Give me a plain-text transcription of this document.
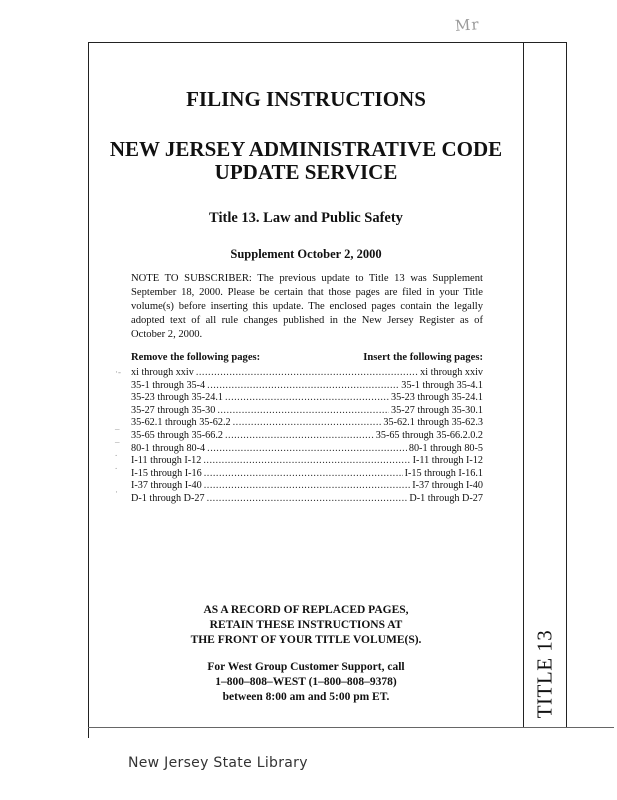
Mr
TITLE 13
FILING INSTRUCTIONS
NEW JERSEY ADMINISTRATIVE CODE
UPDATE SERVICE
Title 13. Law and Public Safety
Supplement October 2, 2000
NOTE TO SUBSCRIBER: The previous update to Title 13 was Supplement September 18, 2000. Please be certain that those pages are filed in your Title volume(s) before inserting this update. The enclosed pages contain the legally adopted text of all rule changes published in the New Jersey Register as of October 2, 2000.
Remove the following pages:	Insert the following pages:
·-
_
_
.
.
·
xi through xxiv .....	xi through xxiv
35-1 through 35-4 .....	35-1 through 35-4.1
35-23 through 35-24.1 .....	35-23 through 35-24.1
35-27 through 35-30 .....	35-27 through 35-30.1
35-62.1 through 35-62.2 .....	35-62.1 through 35-62.3
35-65 through 35-66.2 .....	35-65 through 35-66.2.0.2
80-1 through 80-4 .....	80-1 through 80-5
I-11 through I-12 .....	I-11 through I-12
I-15 through I-16 .....	I-15 through I-16.1
I-37 through I-40 .....	I-37 through I-40
D-1 through D-27 .....	D-1 through D-27
AS A RECORD OF REPLACED PAGES,
RETAIN THESE INSTRUCTIONS AT
THE FRONT OF YOUR TITLE VOLUME(S).
For West Group Customer Support, call
1–800–808–WEST (1–800–808–9378)
between 8:00 am and 5:00 pm ET.
New Jersey State Library
